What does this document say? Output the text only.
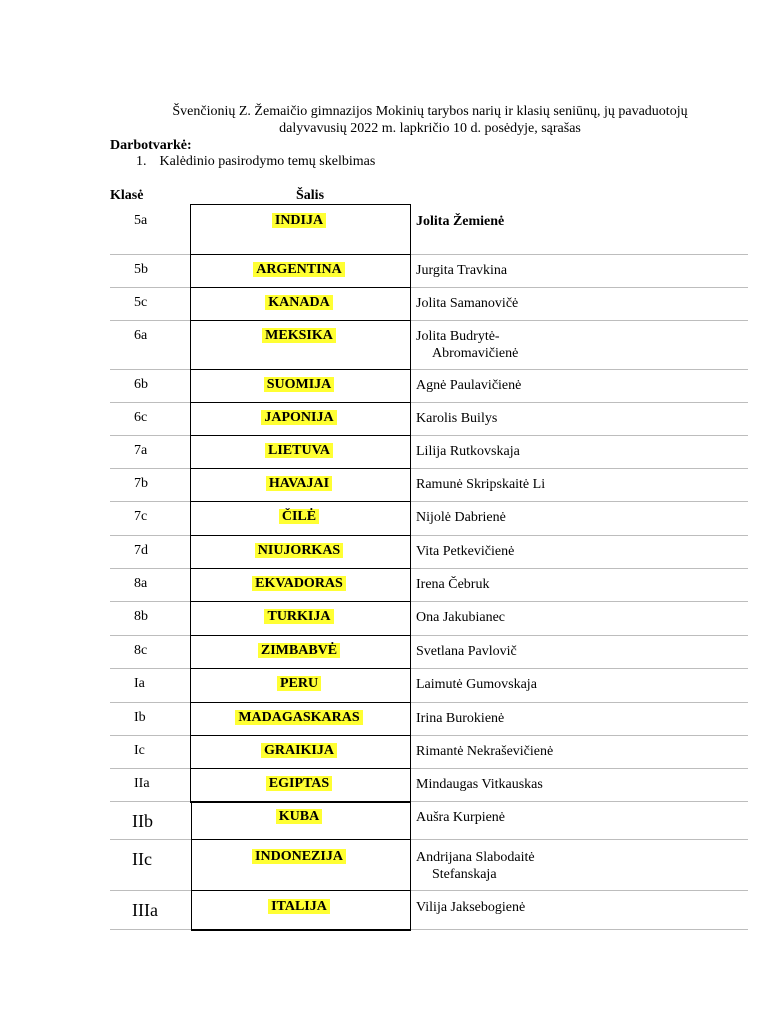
Švenčionių Z. Žemaičio gimnazijos Mokinių tarybos narių ir klasių seniūnų, jų pavaduotojų
dalyvavusių 2022 m. lapkričio 10 d. posėdyje, sąrašas
Darbotvarkė:
1. Kalėdinio pasirodymo temų skelbimas
Klasė	Šalis
5a	INDIJA	Jolita Žemienė
5b	ARGENTINA	Jurgita Travkina
5c	KANADA	Jolita Samanovičė
6a	MEKSIKA	Jolita Budrytė-
Abromavičienė
6b	SUOMIJA	Agnė Paulavičienė
6c	JAPONIJA	Karolis Builys
7a	LIETUVA	Lilija Rutkovskaja
7b	HAVAJAI	Ramunė Skripskaitė Li
7c	ČILĖ	Nijolė Dabrienė
7d	NIUJORKAS	Vita Petkevičienė
8a	EKVADORAS	Irena Čebruk
8b	TURKIJA	Ona Jakubianec
8c	ZIMBABVĖ	Svetlana Pavlovič
Ia	PERU	Laimutė Gumovskaja
Ib	MADAGASKARAS	Irina Burokienė
Ic	GRAIKIJA	Rimantė Nekraševičienė
IIa	EGIPTAS	Mindaugas Vitkauskas
IIb	KUBA	Aušra Kurpienė
IIc	INDONEZIJA	Andrijana Slabodaitė
Stefanskaja
IIIa	ITALIJA	Vilija Jaksebogienė
